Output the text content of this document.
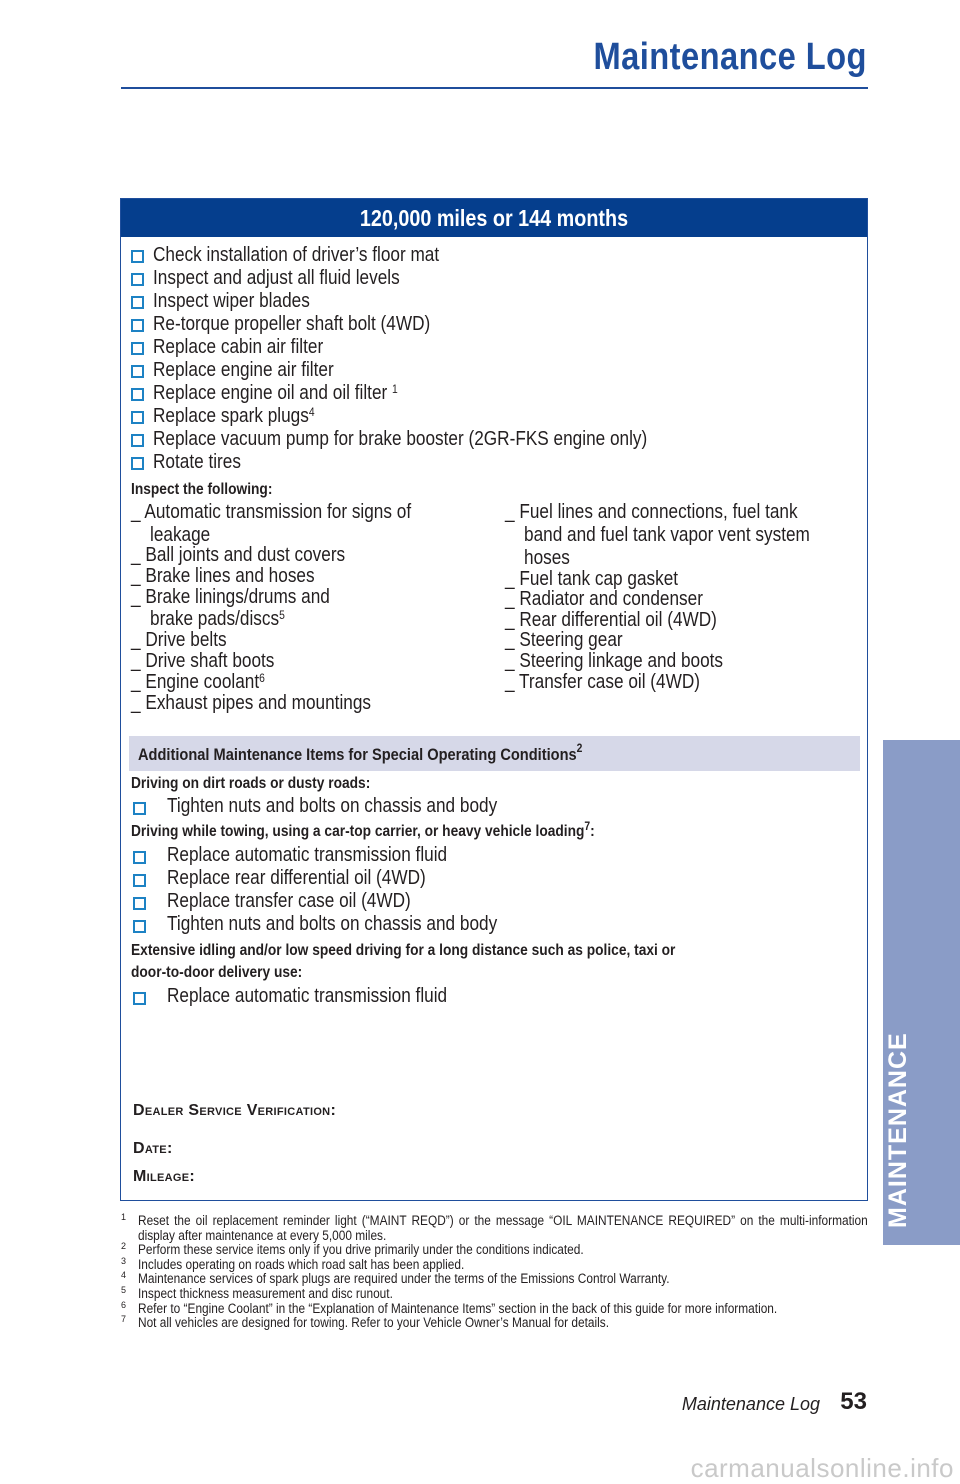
Maintenance Log
120,000 miles or 144 months
Check installation of driver’s floor mat
Inspect and adjust all fluid levels
Inspect wiper blades
Re-torque propeller shaft bolt (4WD)
Replace cabin air filter
Replace engine air filter
Replace engine oil and oil filter $^1$
Replace spark plugs$^4$
Replace vacuum pump for brake booster (2GR-FKS engine only)
Rotate tires
Inspect the following:
_ Automatic transmission for signs of
leakage
_ Ball joints and dust covers
_ Brake lines and hoses
_ Brake linings/drums and
brake pads/discs$^5$
_ Drive belts
_ Drive shaft boots
_ Engine coolant$^6$
_ Exhaust pipes and mountings
_ Fuel lines and connections, fuel tank
band and fuel tank vapor vent system
hoses
_ Fuel tank cap gasket
_ Radiator and condenser
_ Rear differential oil (4WD)
_ Steering gear
_ Steering linkage and boots
_ Transfer case oil (4WD)
Additional Maintenance Items for Special Operating Conditions$^2$
Driving on dirt roads or dusty roads:
Tighten nuts and bolts on chassis and body
Driving while towing, using a car-top carrier, or heavy vehicle loading$^7$:
Replace automatic transmission fluid
Replace rear differential oil (4WD)
Replace transfer case oil (4WD)
Tighten nuts and bolts on chassis and body
Extensive idling and/or low speed driving for a long distance such as police, taxi or
door-to-door delivery use:
Replace automatic transmission fluid
DEALER SERVICE VERIFICATION:
DATE:
MILEAGE:
1 Reset the oil replacement reminder light (“MAINT REQD”) or the message “OIL MAINTENANCE REQUIRED” on the multi-information display after maintenance at every 5,000 miles.
2 Perform these service items only if you drive primarily under the conditions indicated.
3 Includes operating on roads which road salt has been applied.
4 Maintenance services of spark plugs are required under the terms of the Emissions Control Warranty.
5 Inspect thickness measurement and disc runout.
6 Refer to “Engine Coolant” in the “Explanation of Maintenance Items” section in the back of this guide for more information.
7 Not all vehicles are designed for towing. Refer to your Vehicle Owner’s Manual for details.
MAINTENANCE
Maintenance Log 53
carmanualsonline.info
